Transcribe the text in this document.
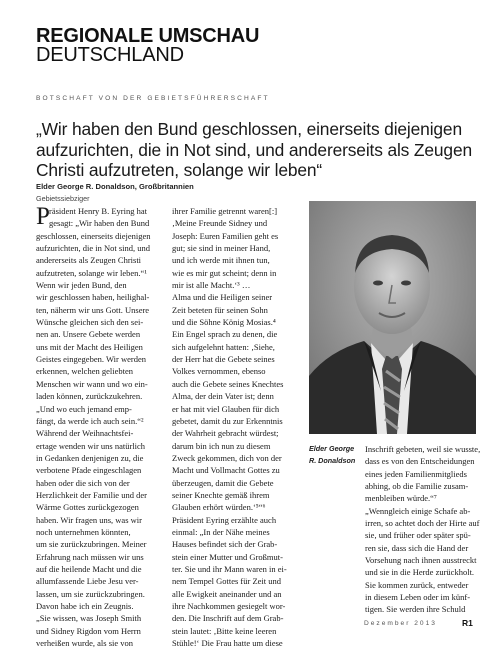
REGIONALE UMSCHAU
DEUTSCHLAND
BOTSCHAFT VON DER GEBIETSFÜHRERSCHAFT
„Wir haben den Bund geschlossen, einerseits diejenigen aufzurichten, die in Not sind, und andererseits als Zeugen Christi aufzutreten, solange wir leben“
Elder George R. Donaldson, Großbritannien
Gebietssiebziger
P räsident Henry B. Eyring hat
gesagt: „Wir haben den Bund
geschlossen, einerseits diejenigen
aufzurichten, die in Not sind, und
andererseits als Zeugen Christi
aufzutreten, solange wir leben.“¹
Wenn wir jeden Bund, den
wir geschlossen haben, heilighal-
ten, näherm wir uns Gott. Unsere
Wünsche gleichen sich den sei-
nen an. Unsere Gebete werden
uns mit der Macht des Heiligen
Geistes eingegeben. Wir werden
erkennen, welchen geliebten
Menschen wir wann und wo ein-
laden können, zurückzukehren.
„Und wo euch jemand emp-
fängt, da werde ich auch sein.“²
Während der Weihnachtsfei-
ertage wenden wir uns natürlich
in Gedanken denjenigen zu, die
verbotene Pfade eingeschlagen
haben oder die sich von der
Herzlichkeit der Familie und der
Wärme Gottes zurückgezogen
haben. Wir fragen uns, was wir
noch unternehmen könnten,
um sie zurückzubringen. Meiner
Erfahrung nach müssen wir uns
auf die heilende Macht und die
allumfassende Liebe Jesu ver-
lassen, um sie zurückzubringen.
Davon habe ich ein Zeugnis.
„Sie wissen, was Joseph Smith
und Sidney Rigdon vom Herrn
verheißen wurde, als sie von
ihrer Familie getrennt waren[:]
‚Meine Freunde Sidney und
Joseph: Euren Familien geht es
gut; sie sind in meiner Hand,
und ich werde mit ihnen tun,
wie es mir gut scheint; denn in
mir ist alle Macht.‘³ …
Alma und die Heiligen seiner
Zeit beteten für seinen Sohn
und die Söhne König Mosias.⁴
Ein Engel sprach zu denen, die
sich aufgelehnt hatten: ‚Siehe,
der Herr hat die Gebete seines
Volkes vernommen, ebenso
auch die Gebete seines Knechtes
Alma, der dein Vater ist; denn
er hat mit viel Glauben für dich
gebetet, damit du zur Erkenntnis
der Wahrheit gebracht würdest;
darum bin ich nun zu diesem
Zweck gekommen, dich von der
Macht und Vollmacht Gottes zu
überzeugen, damit die Gebete
seiner Knechte gemäß ihrem
Glauben erhört würden.‘⁵“⁶
Präsident Eyring erzählte auch
einmal: „In der Nähe meines
Hauses befindet sich der Grab-
stein einer Mutter und Großmut-
ter. Sie und ihr Mann waren in ei-
nem Tempel Gottes für Zeit und
alle Ewigkeit aneinander und an
ihre Nachkommen gesiegelt wor-
den. Die Inschrift auf dem Grab-
stein lautet: ‚Bitte keine leeren
Stühle!‘ Die Frau hatte um diese
Inschrift gebeten, weil sie wusste,
dass es von den Entscheidungen
eines jeden Familienmitglieds
abhing, ob die Familie zusam-
menbleiben würde.“⁷
„Wenngleich einige Schafe ab-
irren, so achtet doch der Hirte auf
sie, und früher oder später spü-
ren sie, dass sich die Hand der
Vorsehung nach ihnen ausstreckt
und sie in die Herde zurückholt.
Sie kommen zurück, entweder
in diesem Leben oder im künf-
tigen. Sie werden ihre Schuld
Elder George
R. Donaldson
Dezember 2013	R1
